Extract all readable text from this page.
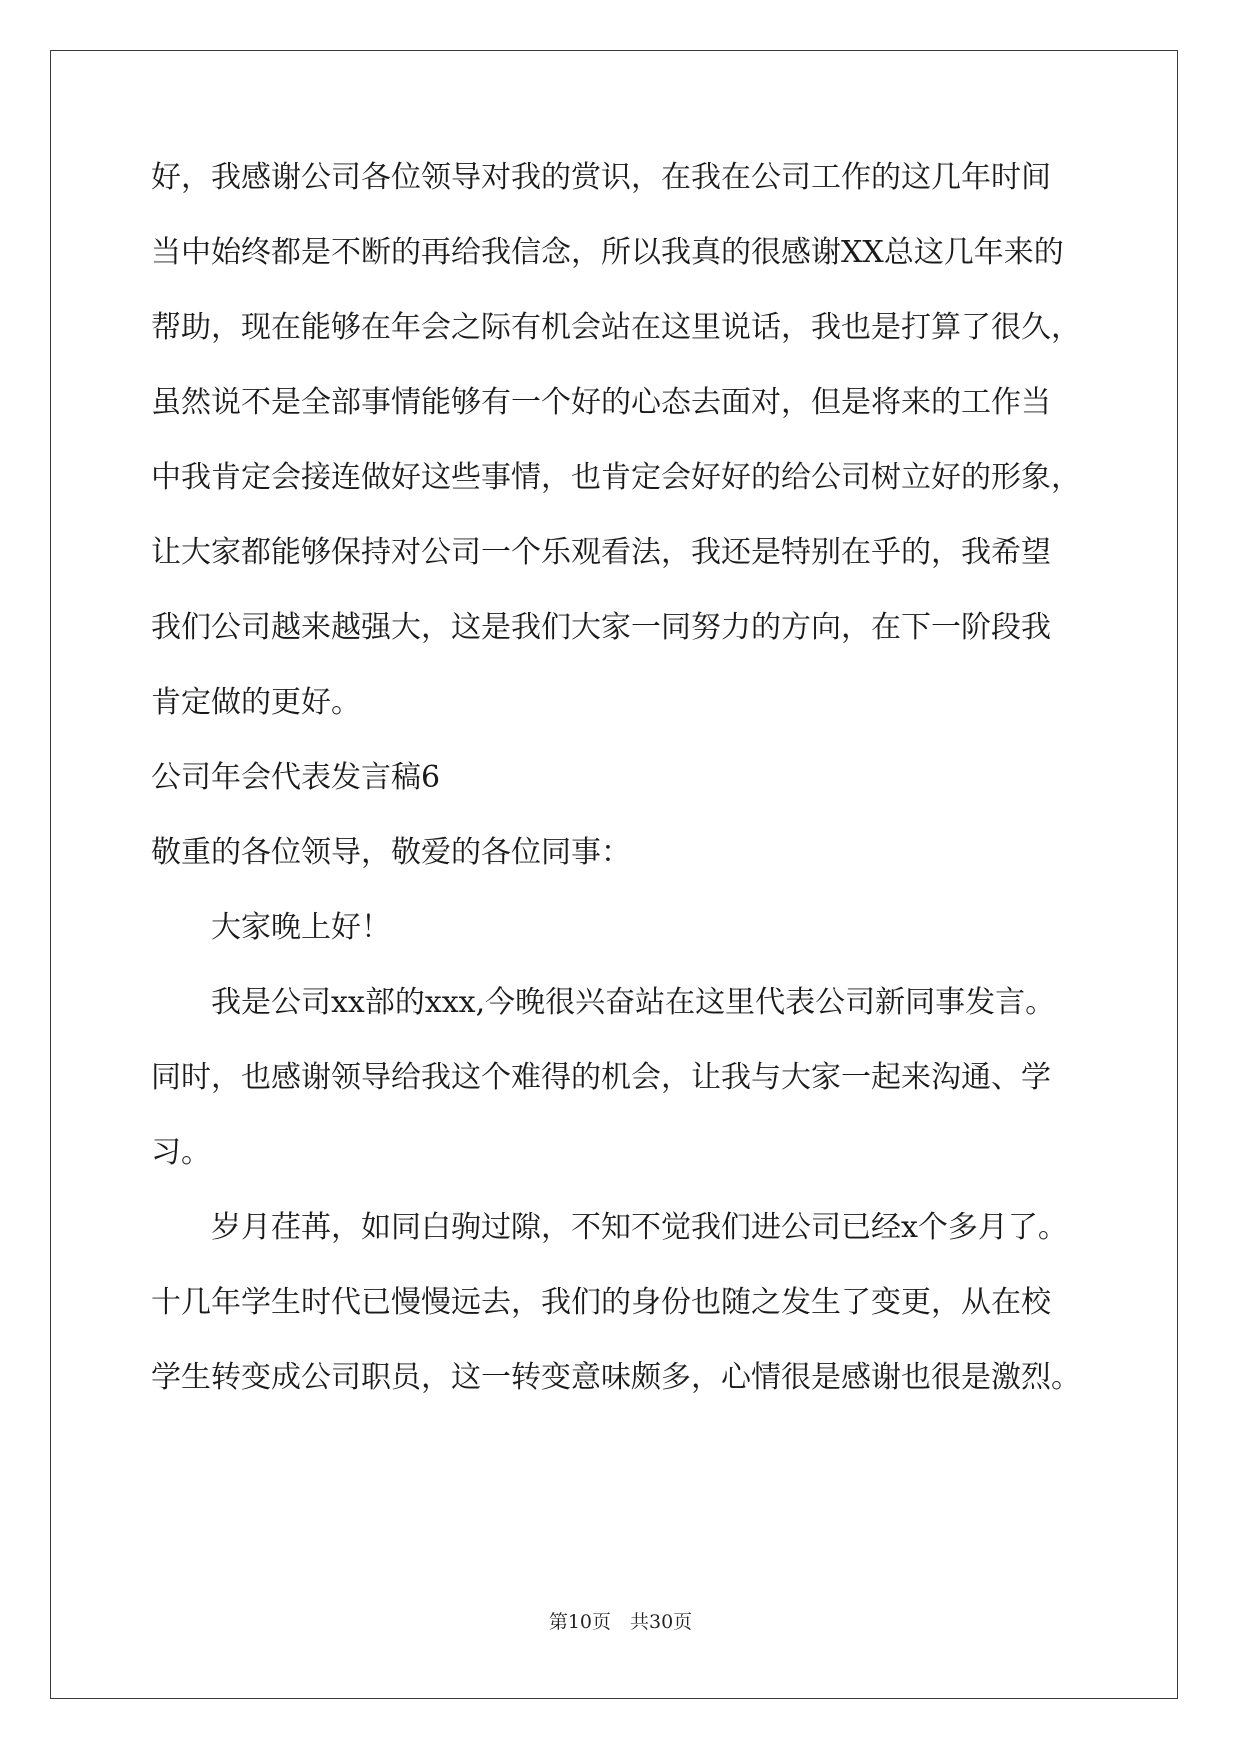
好，我感谢公司各位领导对我的赏识，在我在公司工作的这几年时间
当中始终都是不断的再给我信念，所以我真的很感谢XX总这几年来的
帮助，现在能够在年会之际有机会站在这里说话，我也是打算了很久，
虽然说不是全部事情能够有一个好的心态去面对，但是将来的工作当
中我肯定会接连做好这些事情，也肯定会好好的给公司树立好的形象，
让大家都能够保持对公司一个乐观看法，我还是特别在乎的，我希望
我们公司越来越强大，这是我们大家一同努力的方向，在下一阶段我
肯定做的更好。
公司年会代表发言稿6
敬重的各位领导，敬爱的各位同事：
大家晚上好！
我是公司xx部的xxx,今晚很兴奋站在这里代表公司新同事发言。
同时，也感谢领导给我这个难得的机会，让我与大家一起来沟通、学
习。
岁月荏苒，如同白驹过隙，不知不觉我们进公司已经x个多月了。
十几年学生时代已慢慢远去，我们的身份也随之发生了变更，从在校
学生转变成公司职员，这一转变意味颇多，心情很是感谢也很是激烈。
第10页　共30页
